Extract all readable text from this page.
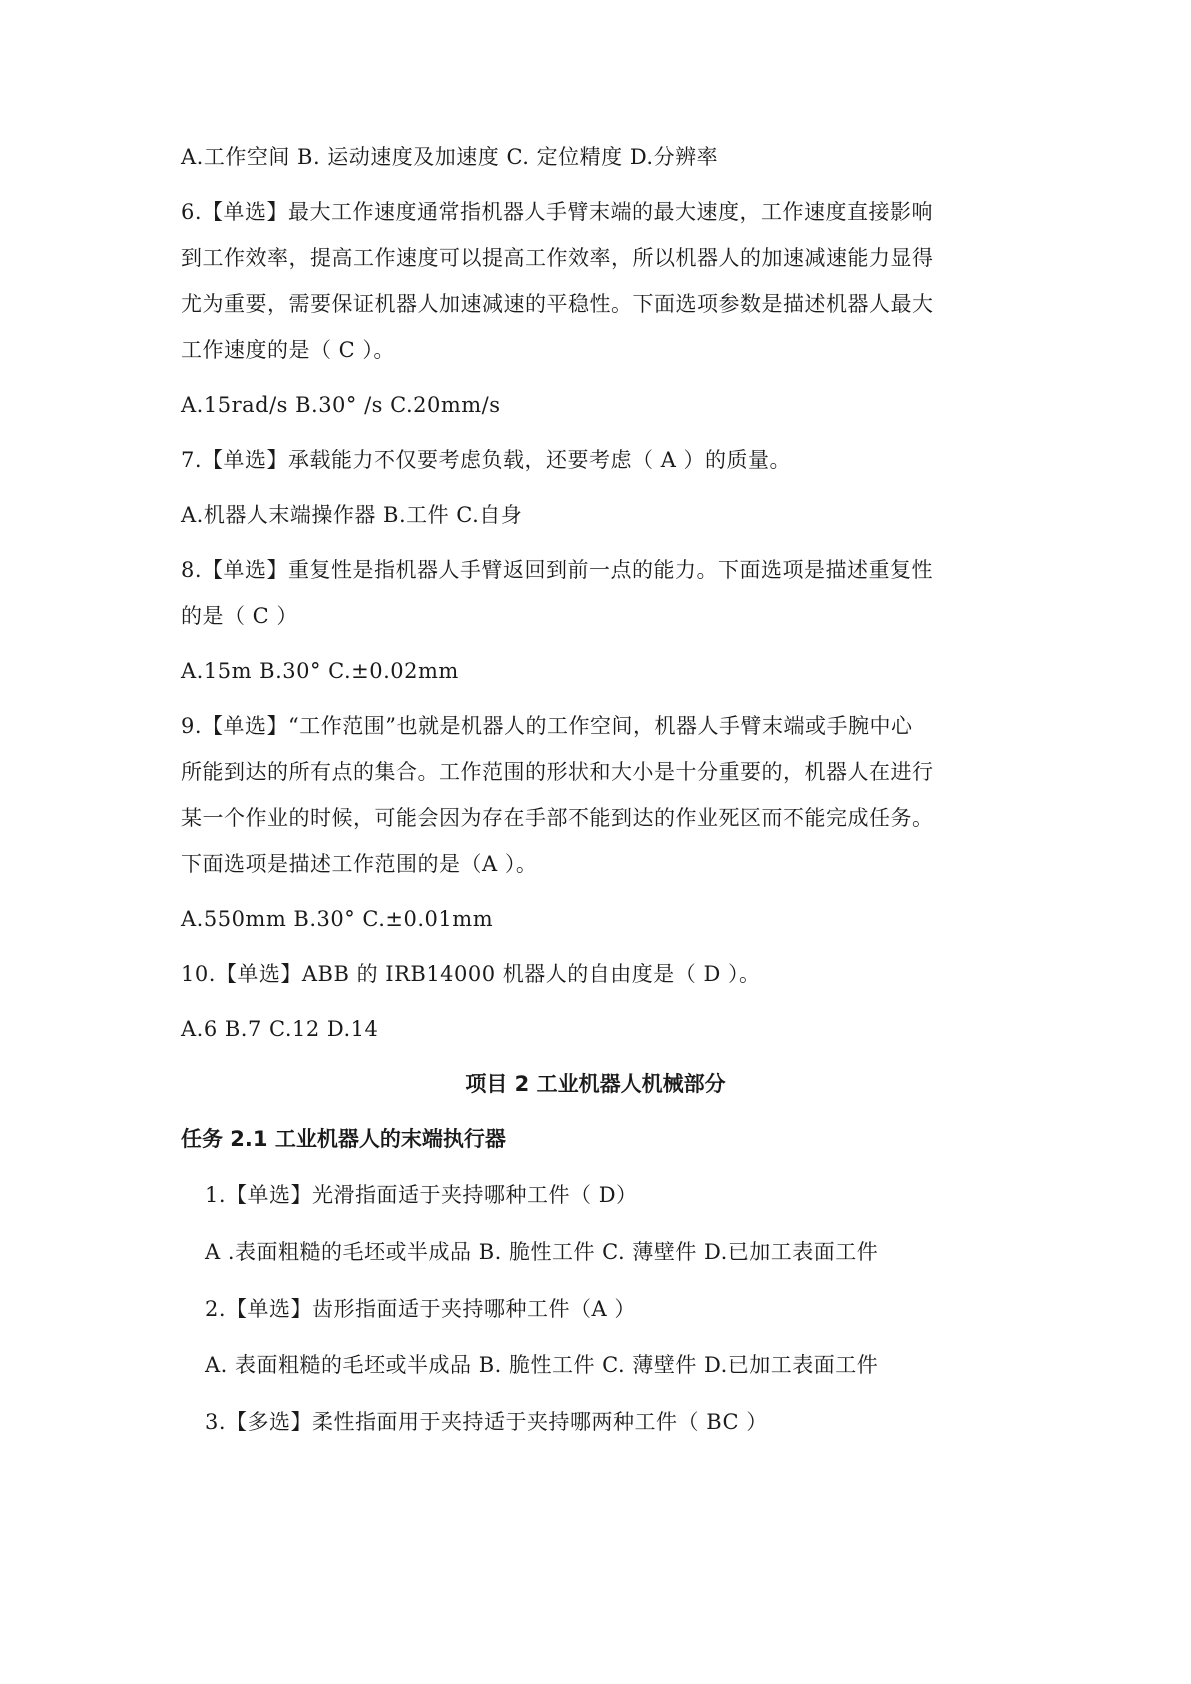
A.工作空间 B. 运动速度及加速度 C. 定位精度 D.分辨率
6.【单选】最大工作速度通常指机器人手臂末端的最大速度，工作速度直接影响
到工作效率，提高工作速度可以提高工作效率，所以机器人的加速减速能力显得
尤为重要，需要保证机器人加速减速的平稳性。下面选项参数是描述机器人最大
工作速度的是（ C ）。
A.15rad/s B.30° /s C.20mm/s
7.【单选】承载能力不仅要考虑负载，还要考虑（ A ）的质量。
A.机器人末端操作器 B.工件 C.自身
8.【单选】重复性是指机器人手臂返回到前一点的能力。下面选项是描述重复性
的是（ C ）
A.15m B.30° C.±0.02mm
9.【单选】“工作范围”也就是机器人的工作空间，机器人手臂末端或手腕中心
所能到达的所有点的集合。工作范围的形状和大小是十分重要的，机器人在进行
某一个作业的时候，可能会因为存在手部不能到达的作业死区而不能完成任务。
下面选项是描述工作范围的是（A ）。
A.550mm B.30° C.±0.01mm
10.【单选】ABB 的 IRB14000 机器人的自由度是（ D ）。
A.6 B.7 C.12 D.14
项目 2 工业机器人机械部分
任务 2.1 工业机器人的末端执行器
1.【单选】光滑指面适于夹持哪种工件（ D）
A .表面粗糙的毛坯或半成品 B. 脆性工件 C. 薄壁件 D.已加工表面工件
2.【单选】齿形指面适于夹持哪种工件（A ）
A. 表面粗糙的毛坯或半成品 B. 脆性工件 C. 薄壁件 D.已加工表面工件
3.【多选】柔性指面用于夹持适于夹持哪两种工件（ BC ）
